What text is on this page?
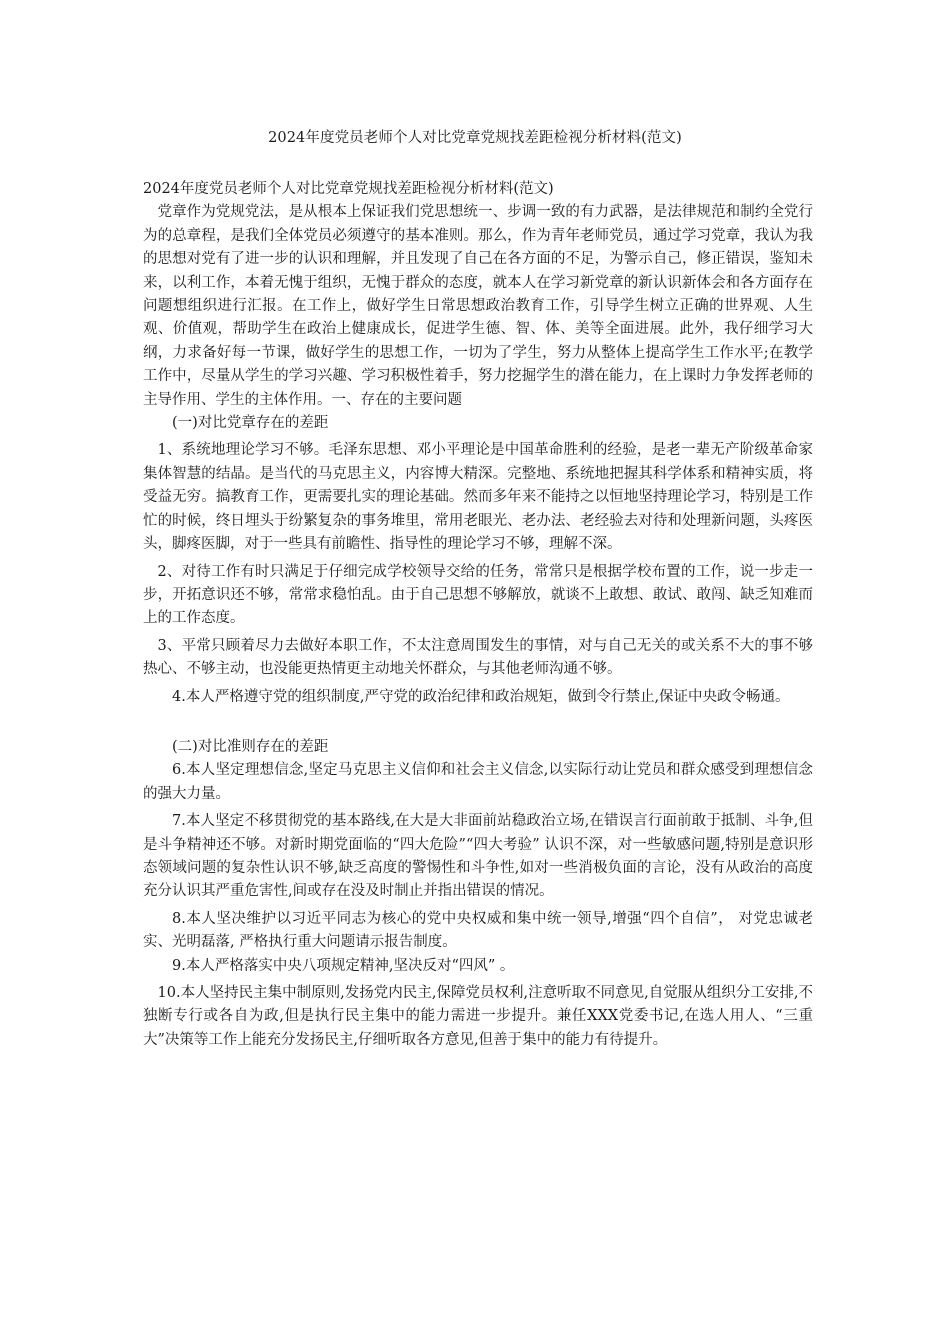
2024年度党员老师个人对比党章党规找差距检视分析材料(范文)

2024年度党员老师个人对比党章党规找差距检视分析材料(范文)

党章作为党规党法，是从根本上保证我们党思想统一、步调一致的有力武器，是法律规范和制约全党行为的总章程，是我们全体党员必须遵守的基本准则。那么，作为青年老师党员，通过学习党章，我认为我的思想对党有了进一步的认识和理解，并且发现了自己在各方面的不足，为警示自己，修正错误，鉴知未来，以利工作，本着无愧于组织，无愧于群众的态度，就本人在学习新党章的新认识新体会和各方面存在问题想组织进行汇报。在工作上，做好学生日常思想政治教育工作，引导学生树立正确的世界观、人生观、价值观，帮助学生在政治上健康成长，促进学生德、智、体、美等全面进展。此外，我仔细学习大纲，力求备好每一节课，做好学生的思想工作，一切为了学生，努力从整体上提高学生工作水平;在教学工作中，尽量从学生的学习兴趣、学习积极性着手，努力挖掘学生的潜在能力，在上课时力争发挥老师的主导作用、学生的主体作用。一、存在的主要问题

(一)对比党章存在的差距

1、系统地理论学习不够。毛泽东思想、邓小平理论是中国革命胜利的经验，是老一辈无产阶级革命家集体智慧的结晶。是当代的马克思主义，内容博大精深。完整地、系统地把握其科学体系和精神实质，将受益无穷。搞教育工作，更需要扎实的理论基础。然而多年来不能持之以恒地坚持理论学习，特别是工作忙的时候，终日埋头于纷繁复杂的事务堆里，常用老眼光、老办法、老经验去对待和处理新问题，头疼医头，脚疼医脚，对于一些具有前瞻性、指导性的理论学习不够，理解不深。

2、对待工作有时只满足于仔细完成学校领导交给的任务，常常只是根据学校布置的工作，说一步走一步，开拓意识还不够，常常求稳怕乱。由于自己思想不够解放，就谈不上敢想、敢试、敢闯、缺乏知难而上的工作态度。

3、平常只顾着尽力去做好本职工作，不太注意周围发生的事情，对与自己无关的或关系不大的事不够热心、不够主动，也没能更热情更主动地关怀群众，与其他老师沟通不够。

4.本人严格遵守党的组织制度,严守党的政治纪律和政治规矩，做到令行禁止,保证中央政令畅通。

(二)对比准则存在的差距

6.本人坚定理想信念,坚定马克思主义信仰和社会主义信念,以实际行动让党员和群众感受到理想信念的强大力量。

7.本人坚定不移贯彻党的基本路线,在大是大非面前站稳政治立场,在错误言行面前敢于抵制、斗争,但是斗争精神还不够。对新时期党面临的“四大危险”“四大考验” 认识不深，对一些敏感问题,特别是意识形态领域问题的复杂性认识不够,缺乏高度的警惕性和斗争性,如对一些消极负面的言论，没有从政治的高度充分认识其严重危害性,间或存在没及时制止并指出错误的情况。

8.本人坚决维护以习近平同志为核心的党中央权威和集中统一领导,增强“四个自信”， 对党忠诚老实、光明磊落, 严格执行重大问题请示报告制度。

9.本人严格落实中央八项规定精神,坚决反对“四风” 。

10.本人坚持民主集中制原则,发扬党内民主,保障党员权利,注意听取不同意见,自觉服从组织分工安排,不独断专行或各自为政,但是执行民主集中的能力需进一步提升。兼任XXX党委书记,在选人用人、“三重 大”决策等工作上能充分发扬民主,仔细听取各方意见,但善于集中的能力有待提升。
